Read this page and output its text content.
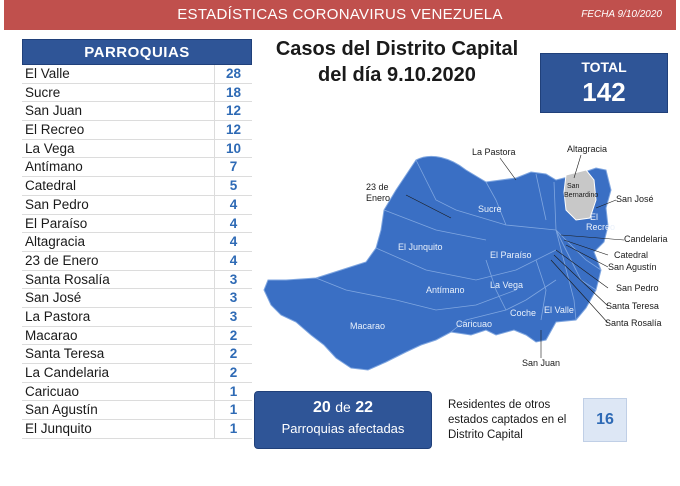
ESTADÍSTICAS CORONAVIRUS VENEZUELA	FECHA 9/10/2020
PARROQUIAS
El Valle	28
Sucre	18
San Juan	12
El Recreo	12
La Vega	10
Antímano	7
Catedral	5
San Pedro	4
El Paraíso	4
Altagracia	4
23 de Enero	4
Santa Rosalía	3
San José	3
La Pastora	3
Macarao	2
Santa Teresa	2
La Candelaria	2
Caricuao	1
San Agustín	1
El Junquito	1
Casos del Distrito Capital
del día 9.10.2020	TOTAL
142
La Pastora	Altagracia
San
Bernardino San José
El
Recreo
23 de
Enero
Sucre
El Junquito
Candelaria
Catedral
San Agustín
El Paraíso
La Vega
Antímano	San Pedro
Santa Teresa
Santa Rosalía
El Valle
Coche
Caricuao
Macarao
San Juan
20 de 22
Parroquias afectadas
Residentes de otros estados captados en el Distrito Capital
16
